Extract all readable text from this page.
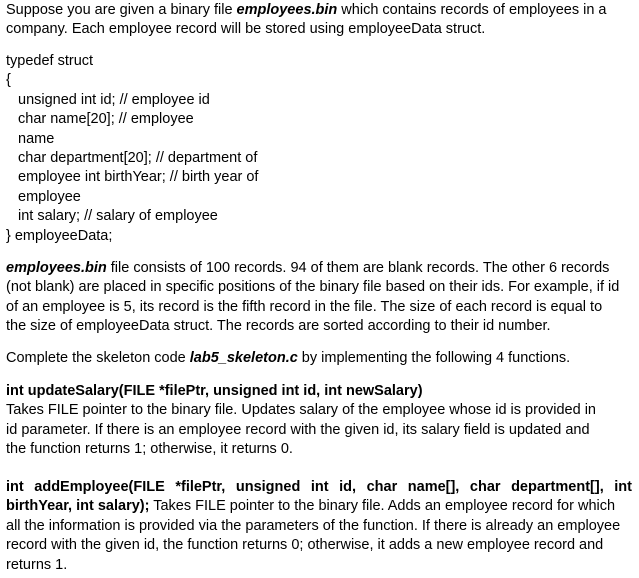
Suppose you are given a binary file employees.bin which contains records of employees in a
company. Each employee record will be stored using employeeData struct.
typedef struct
{
unsigned int id; // employee id
char name[20]; // employee
name
char department[20]; // department of
employee int birthYear; // birth year of
employee
int salary; // salary of employee
} employeeData;
employees.bin file consists of 100 records. 94 of them are blank records. The other 6 records
(not blank) are placed in specific positions of the binary file based on their ids. For example, if id
of an employee is 5, its record is the fifth record in the file. The size of each record is equal to
the size of employeeData struct. The records are sorted according to their id number.
Complete the skeleton code lab5_skeleton.c by implementing the following 4 functions.
int updateSalary(FILE *filePtr, unsigned int id, int newSalary)
Takes FILE pointer to the binary file. Updates salary of the employee whose id is provided in
id parameter. If there is an employee record with the given id, its salary field is updated and
the function returns 1; otherwise, it returns 0.
int addEmployee(FILE *filePtr, unsigned int id, char name[], char department[], int
birthYear, int salary); Takes FILE pointer to the binary file. Adds an employee record for which
all the information is provided via the parameters of the function. If there is already an employee
record with the given id, the function returns 0; otherwise, it adds a new employee record and
returns 1.
